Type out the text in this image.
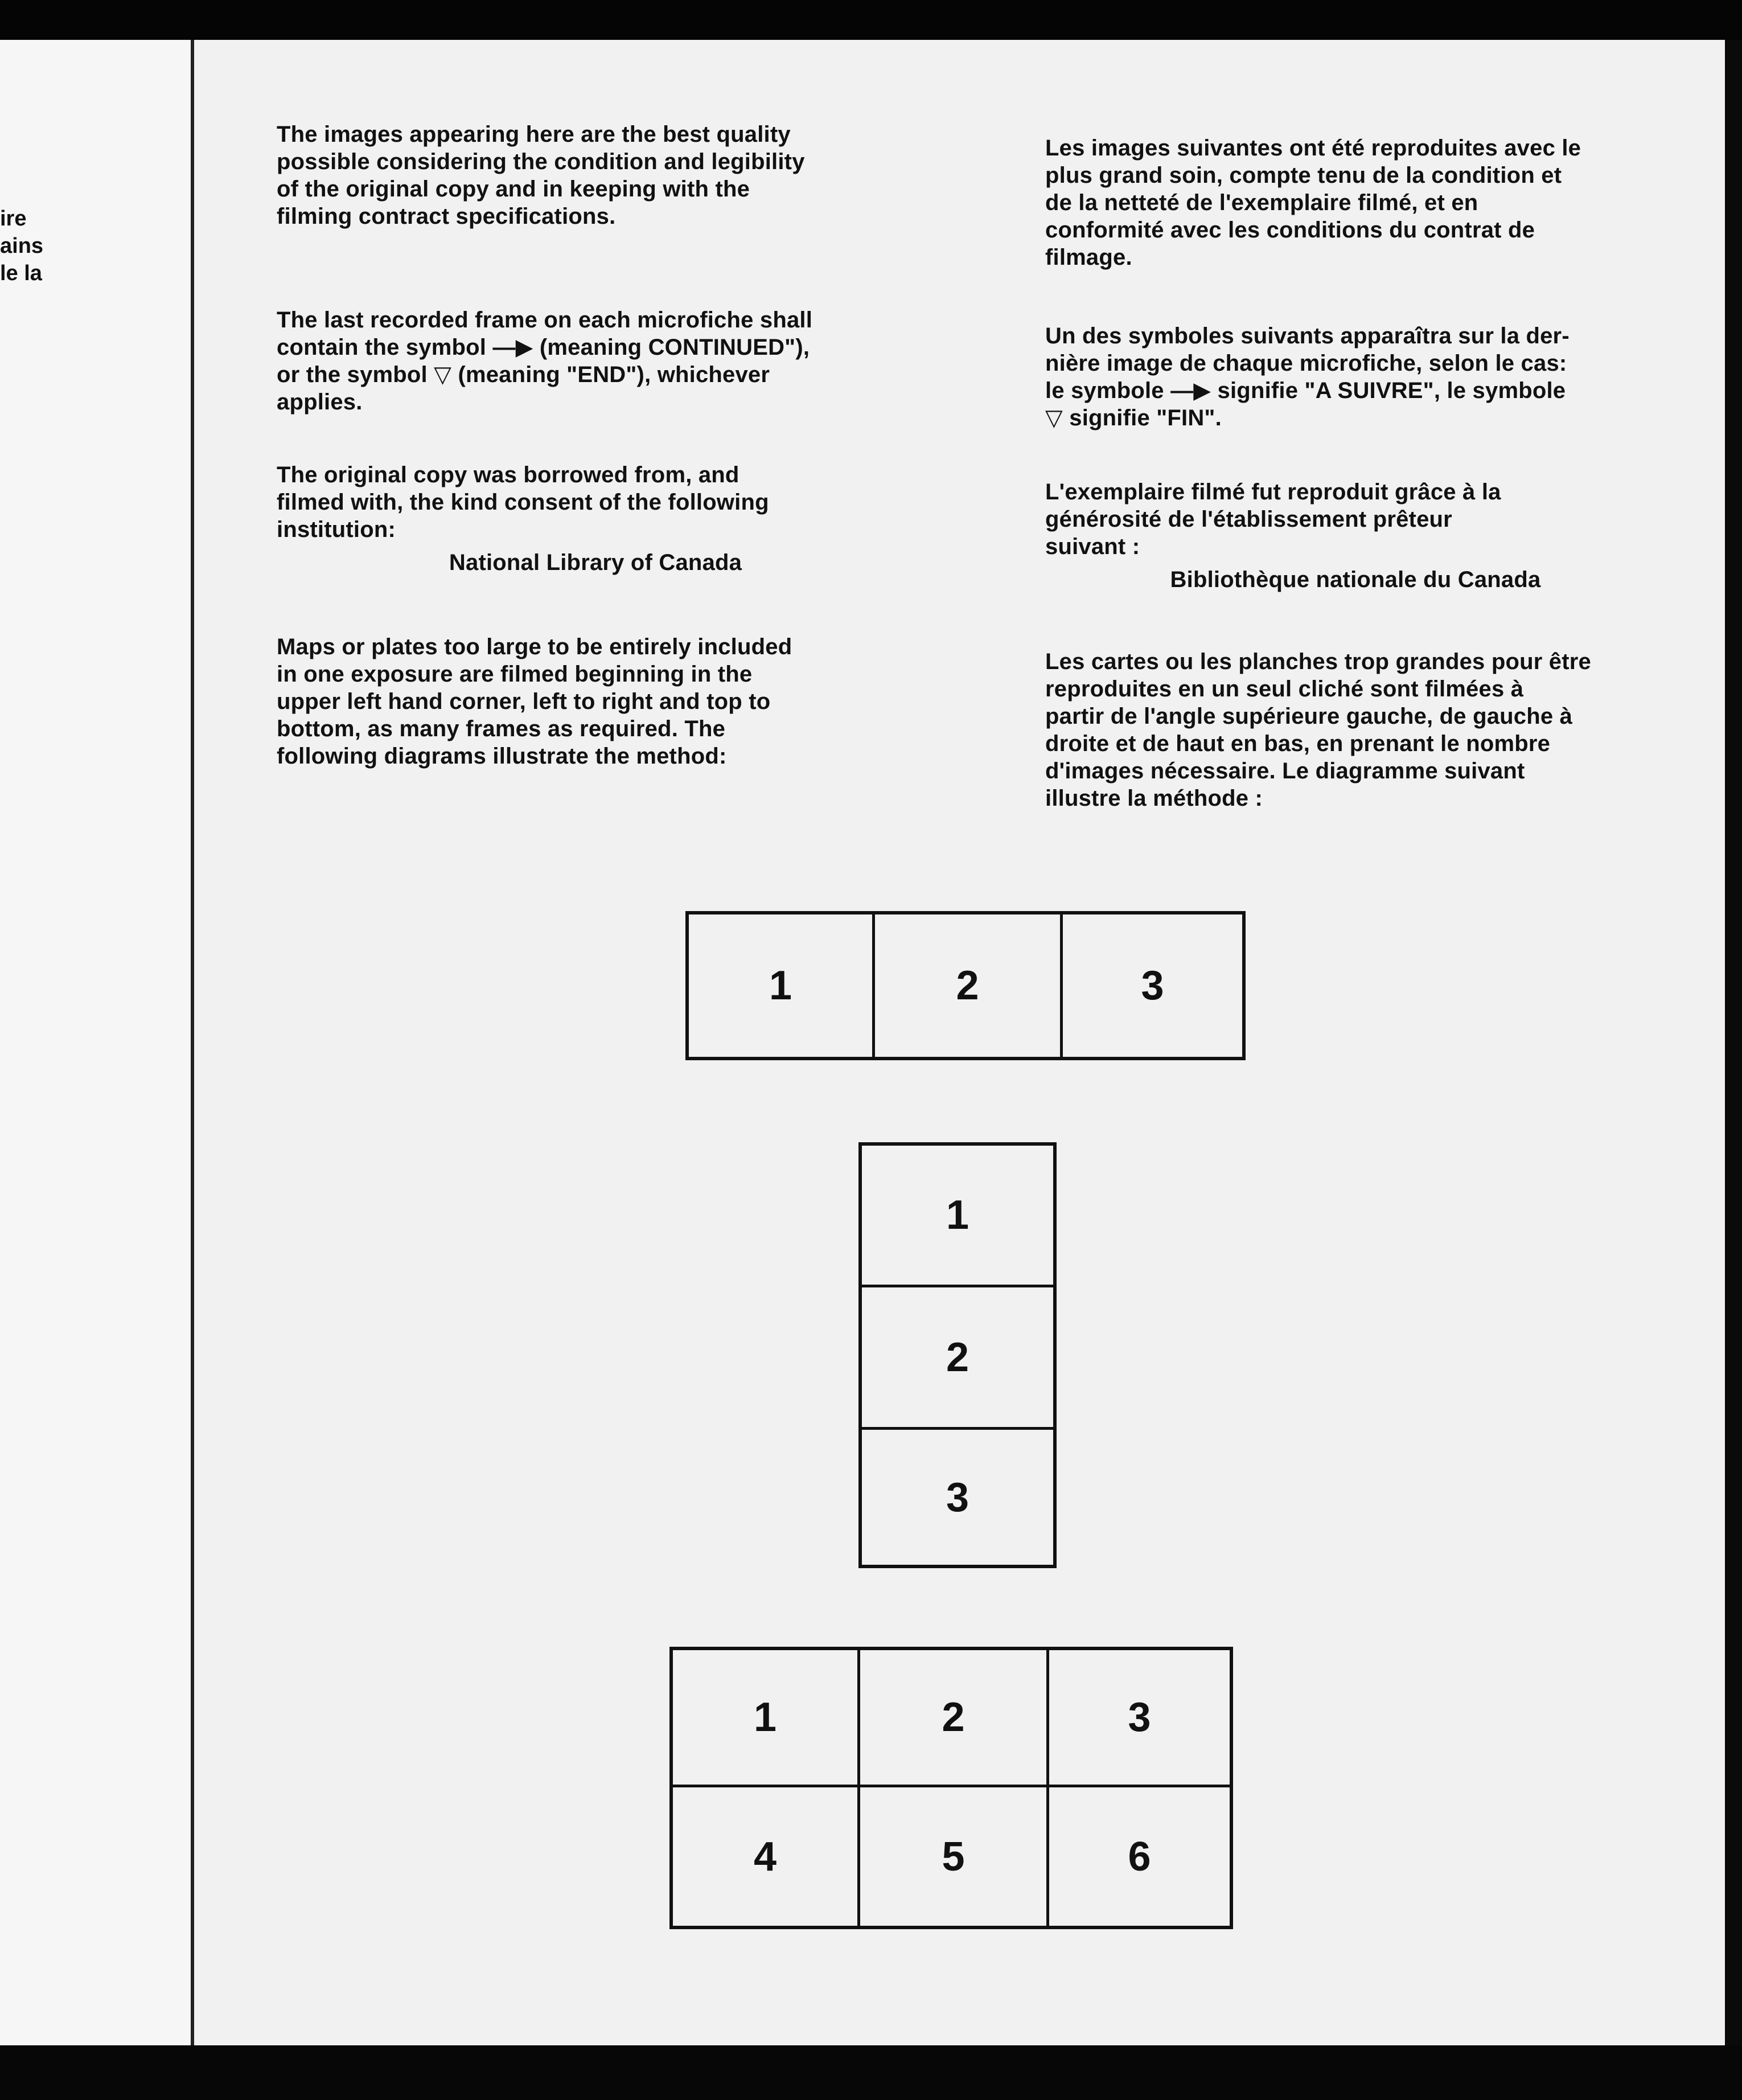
ire
ains
le la

The images appearing here are the best quality

possible considering the condition and legibility

of the original copy and in keeping with the

filming contract specifications.

The last recorded frame on each microfiche shall

contain the symbol —▶ (meaning CONTINUED"),

or the symbol ▽ (meaning "END"), whichever

applies.

The original copy was borrowed from, and

filmed with, the kind consent of the following

institution:

National Library of Canada

Maps or plates too large to be entirely included

in one exposure are filmed beginning in the

upper left hand corner, left to right and top to

bottom, as many frames as required. The

following diagrams illustrate the method:

Les images suivantes ont été reproduites avec le

plus grand soin, compte tenu de la condition et

de la netteté de l'exemplaire filmé, et en

conformité avec les conditions du contrat de

filmage.

Un des symboles suivants apparaîtra sur la der-

nière image de chaque microfiche, selon le cas:

le symbole —▶ signifie "A SUIVRE", le symbole

▽ signifie "FIN".

L'exemplaire filmé fut reproduit grâce à la

générosité de l'établissement prêteur

suivant :

Bibliothèque nationale du Canada

Les cartes ou les planches trop grandes pour être

reproduites en un seul cliché sont filmées à

partir de l'angle supérieure gauche, de gauche à

droite et de haut en bas, en prenant le nombre

d'images nécessaire. Le diagramme suivant

illustre la méthode :

1	2	3
1
2
3
1	2	3
4	5	6
